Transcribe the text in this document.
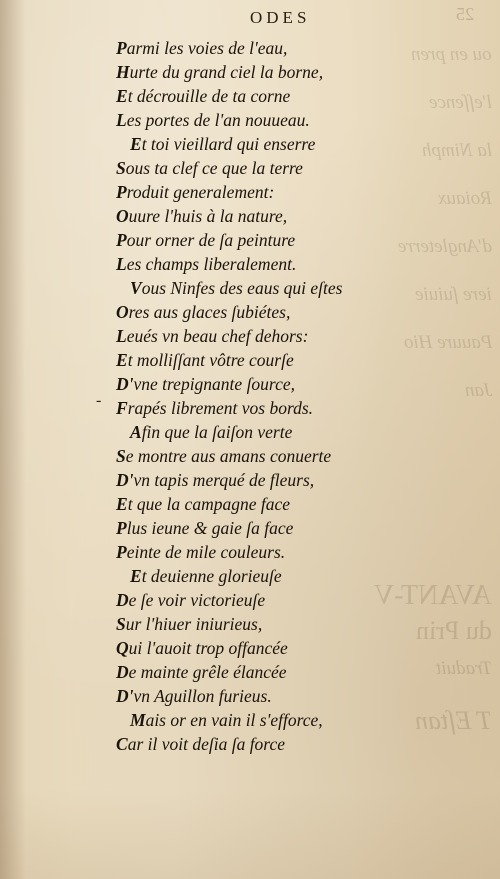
ou en pren
l'eſſence
la Nimph
Roiaux
d'Angleterre
iere ſuiuie
Pauure Hio
Jan
AVANT-V
du Prin
Traduit
T Eſtan
ODES	25
Parmi les voies de l'eau,
Hurte du grand ciel la borne,
Et décrouille de ta corne
Les portes de l'an nouueau.
Et toi vieillard qui enserre
Sous ta clef ce que la terre
Produit generalement:
Ouure l'huis à la nature,
Pour orner de ſa peinture
Les champs liberalement.
Vous Ninfes des eaus qui eſtes
Ores aus glaces ſubiétes,
Leués vn beau chef dehors:
Et molliſſant vôtre courſe
D'vne trepignante ſource,
Frapés librement vos bords.
Afin que la ſaiſon verte
Se montre aus amans conuerte
D'vn tapis merqué de fleurs,
Et que la campagne face
Plus ieune & gaie ſa face
Peinte de mile couleurs.
Et deuienne glorieuſe
De ſe voir victorieuſe
Sur l'hiuer iniurieus,
Qui l'auoit trop offancée
De mainte grêle élancée
D'vn Aguillon furieus.
Mais or en vain il s'efforce,
Car il voit deſia ſa force
-
